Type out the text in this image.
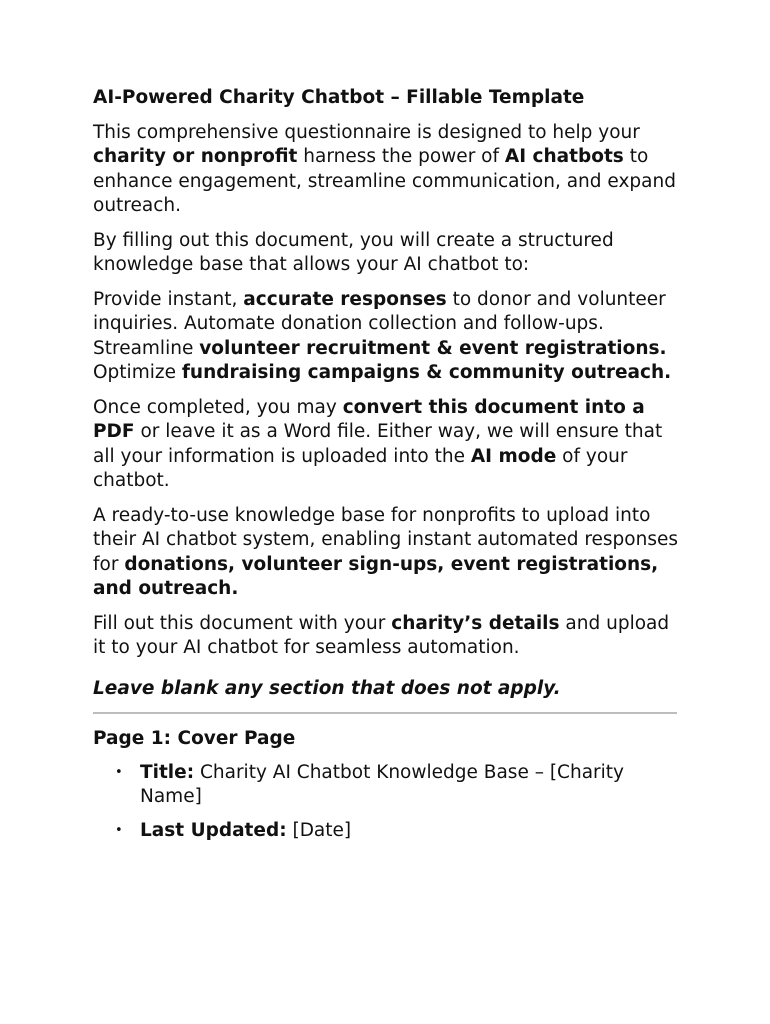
AI-Powered Charity Chatbot – Fillable Template

This comprehensive questionnaire is designed to help your charity or nonprofit harness the power of AI chatbots to enhance engagement, streamline communication, and expand outreach.

By filling out this document, you will create a structured knowledge base that allows your AI chatbot to:

Provide instant, accurate responses to donor and volunteer inquiries. Automate donation collection and follow-ups.
Streamline volunteer recruitment & event registrations.
Optimize fundraising campaigns & community outreach.

Once completed, you may convert this document into a PDF or leave it as a Word file. Either way, we will ensure that all your information is uploaded into the AI mode of your chatbot.

A ready-to-use knowledge base for nonprofits to upload into their AI chatbot system, enabling instant automated responses for donations, volunteer sign-ups, event registrations, and outreach.

Fill out this document with your charity’s details and upload it to your AI chatbot for seamless automation.

Leave blank any section that does not apply.

Page 1: Cover Page

• Title: Charity AI Chatbot Knowledge Base – [Charity Name]
• Last Updated: [Date]
